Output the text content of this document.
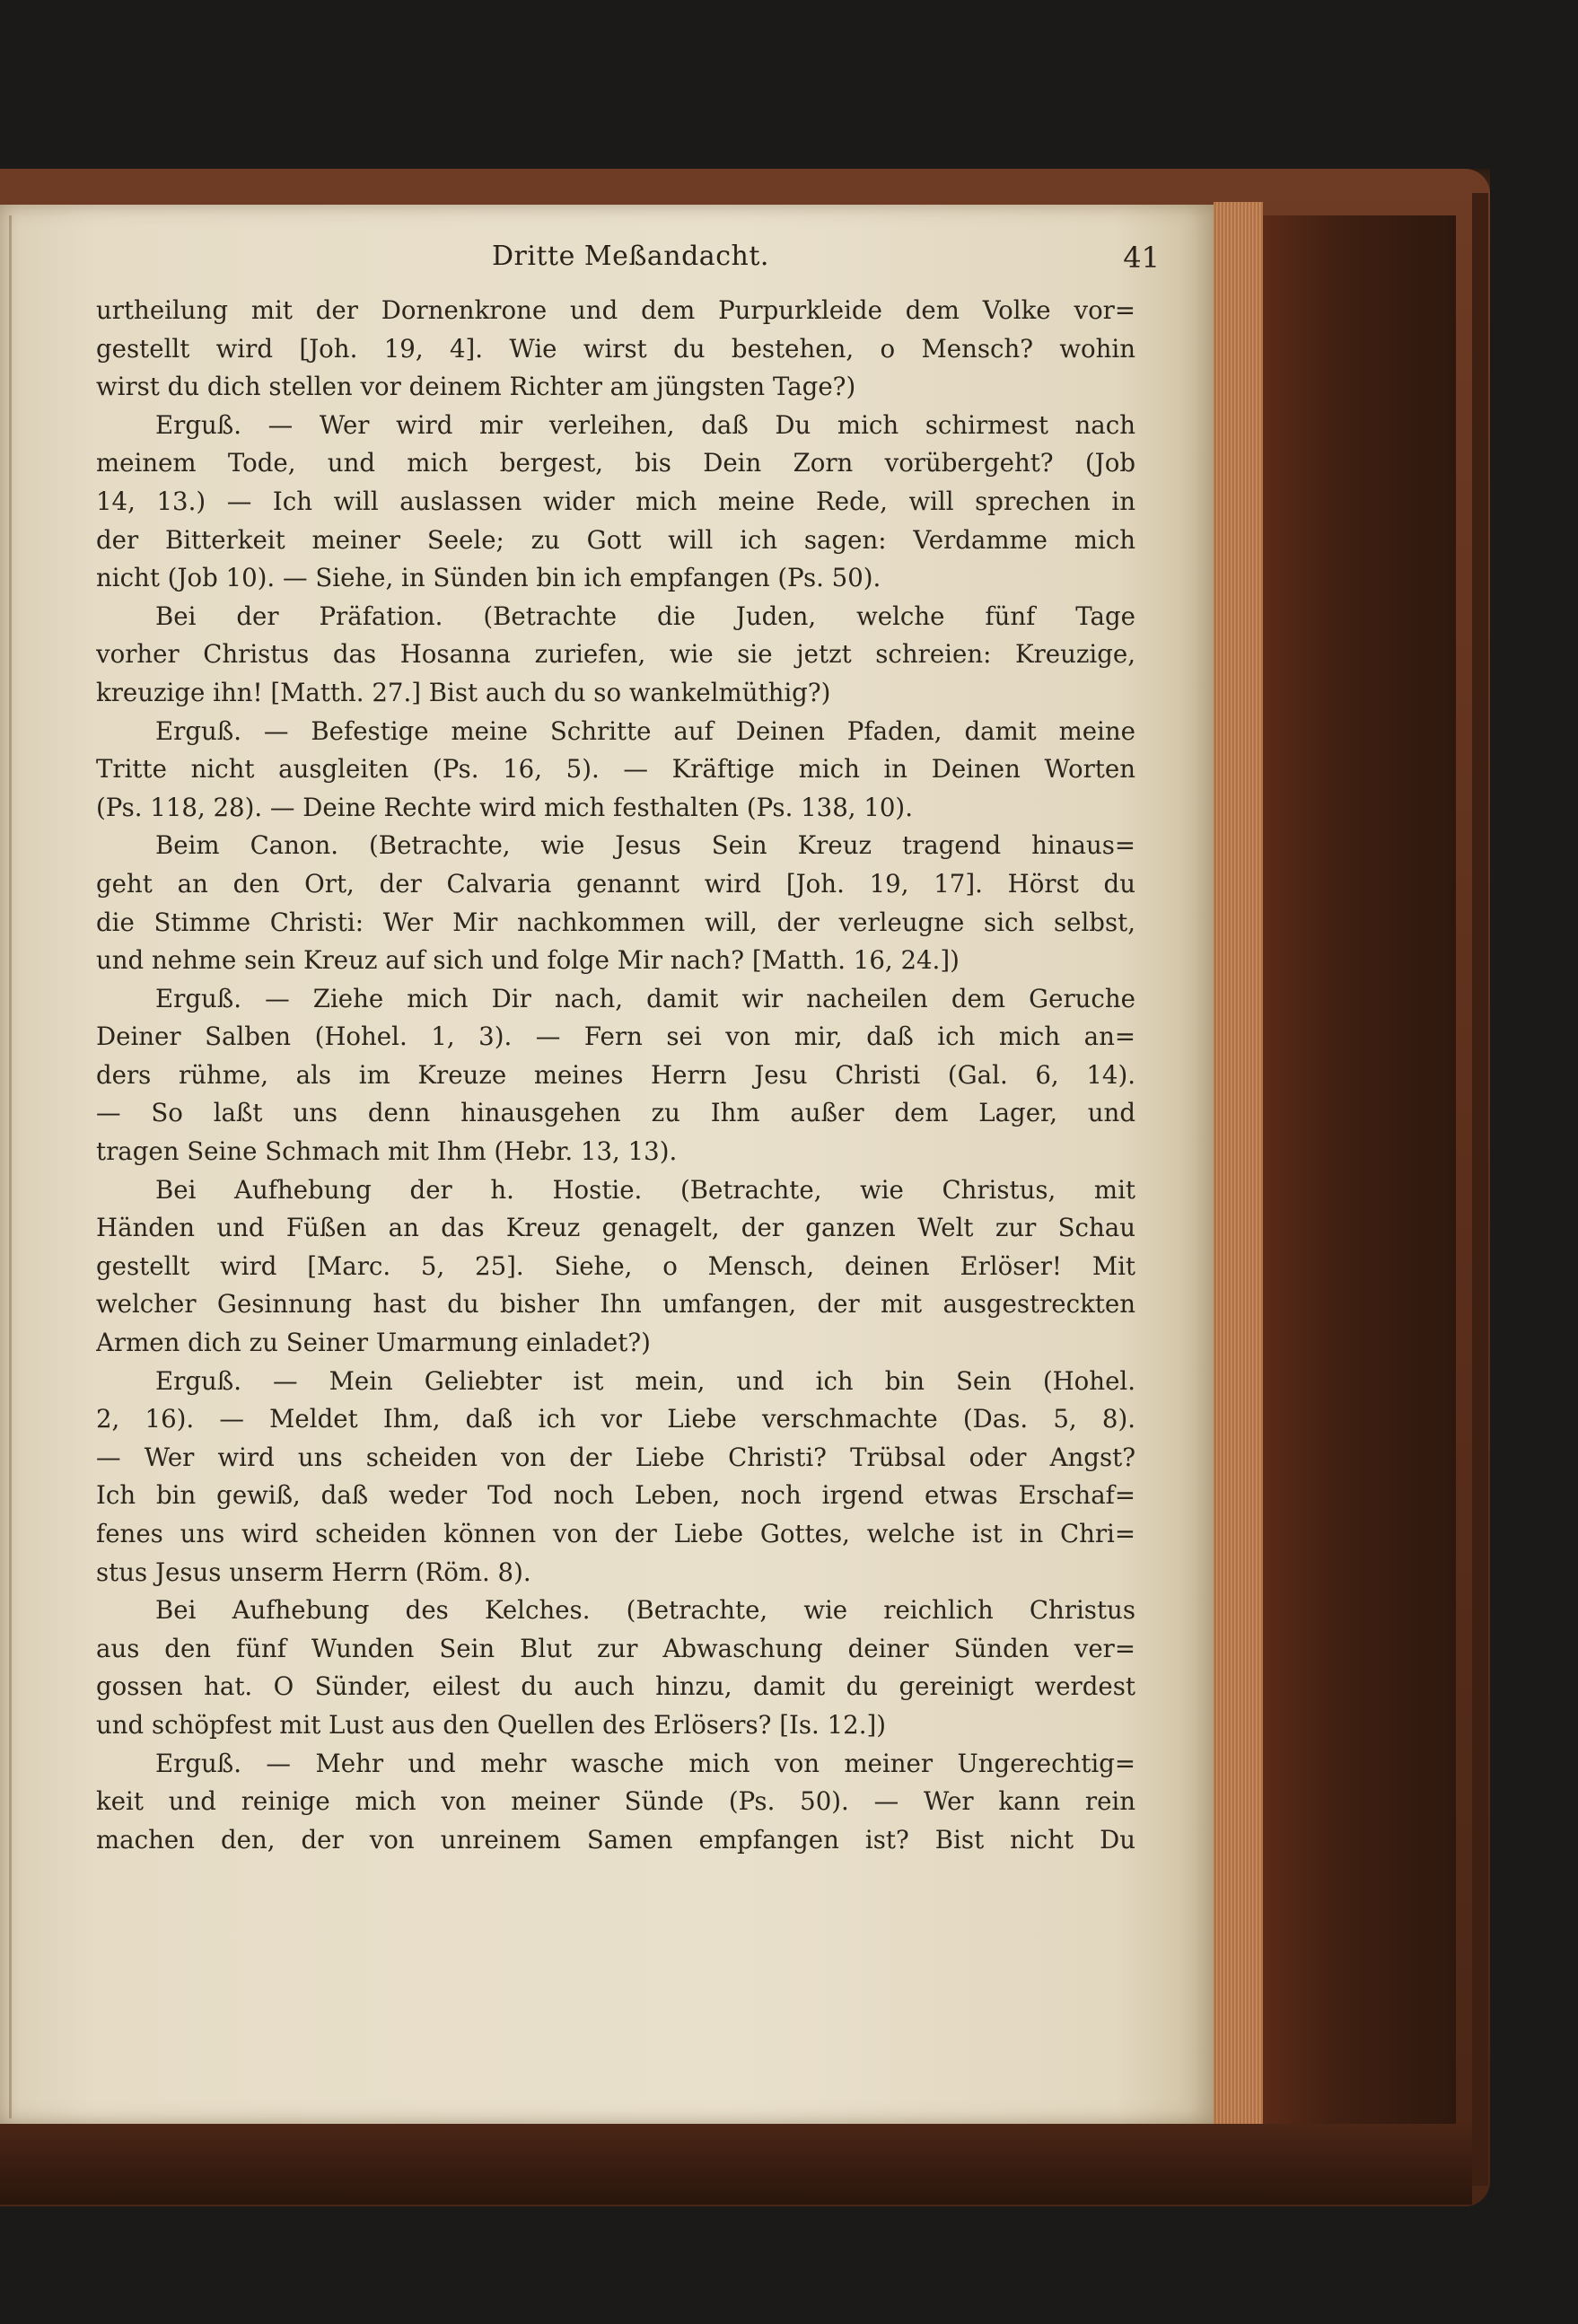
Dritte Meßandacht.	41
urtheilung mit der Dornenkrone und dem Purpurkleide dem Volke vor=
gestellt wird [Joh. 19, 4]. Wie wirst du bestehen, o Mensch? wohin
wirst du dich stellen vor deinem Richter am jüngsten Tage?)
Erguß. — Wer wird mir verleihen, daß Du mich schirmest nach
meinem Tode, und mich bergest, bis Dein Zorn vorübergeht? (Job
14, 13.) — Ich will auslassen wider mich meine Rede, will sprechen in
der Bitterkeit meiner Seele; zu Gott will ich sagen: Verdamme mich
nicht (Job 10). — Siehe, in Sünden bin ich empfangen (Ps. 50).
Bei der Präfation. (Betrachte die Juden, welche fünf Tage
vorher Christus das Hosanna zuriefen, wie sie jetzt schreien: Kreuzige,
kreuzige ihn! [Matth. 27.] Bist auch du so wankelmüthig?)
Erguß. — Befestige meine Schritte auf Deinen Pfaden, damit meine
Tritte nicht ausgleiten (Ps. 16, 5). — Kräftige mich in Deinen Worten
(Ps. 118, 28). — Deine Rechte wird mich festhalten (Ps. 138, 10).
Beim Canon. (Betrachte, wie Jesus Sein Kreuz tragend hinaus=
geht an den Ort, der Calvaria genannt wird [Joh. 19, 17]. Hörst du
die Stimme Christi: Wer Mir nachkommen will, der verleugne sich selbst,
und nehme sein Kreuz auf sich und folge Mir nach? [Matth. 16, 24.])
Erguß. — Ziehe mich Dir nach, damit wir nacheilen dem Geruche
Deiner Salben (Hohel. 1, 3). — Fern sei von mir, daß ich mich an=
ders rühme, als im Kreuze meines Herrn Jesu Christi (Gal. 6, 14).
— So laßt uns denn hinausgehen zu Ihm außer dem Lager, und
tragen Seine Schmach mit Ihm (Hebr. 13, 13).
Bei Aufhebung der h. Hostie. (Betrachte, wie Christus, mit
Händen und Füßen an das Kreuz genagelt, der ganzen Welt zur Schau
gestellt wird [Marc. 5, 25]. Siehe, o Mensch, deinen Erlöser! Mit
welcher Gesinnung hast du bisher Ihn umfangen, der mit ausgestreckten
Armen dich zu Seiner Umarmung einladet?)
Erguß. — Mein Geliebter ist mein, und ich bin Sein (Hohel.
2, 16). — Meldet Ihm, daß ich vor Liebe verschmachte (Das. 5, 8).
— Wer wird uns scheiden von der Liebe Christi? Trübsal oder Angst?
Ich bin gewiß, daß weder Tod noch Leben, noch irgend etwas Erschaf=
fenes uns wird scheiden können von der Liebe Gottes, welche ist in Chri=
stus Jesus unserm Herrn (Röm. 8).
Bei Aufhebung des Kelches. (Betrachte, wie reichlich Christus
aus den fünf Wunden Sein Blut zur Abwaschung deiner Sünden ver=
gossen hat. O Sünder, eilest du auch hinzu, damit du gereinigt werdest
und schöpfest mit Lust aus den Quellen des Erlösers? [Is. 12.])
Erguß. — Mehr und mehr wasche mich von meiner Ungerechtig=
keit und reinige mich von meiner Sünde (Ps. 50). — Wer kann rein
machen den, der von unreinem Samen empfangen ist? Bist nicht Du
